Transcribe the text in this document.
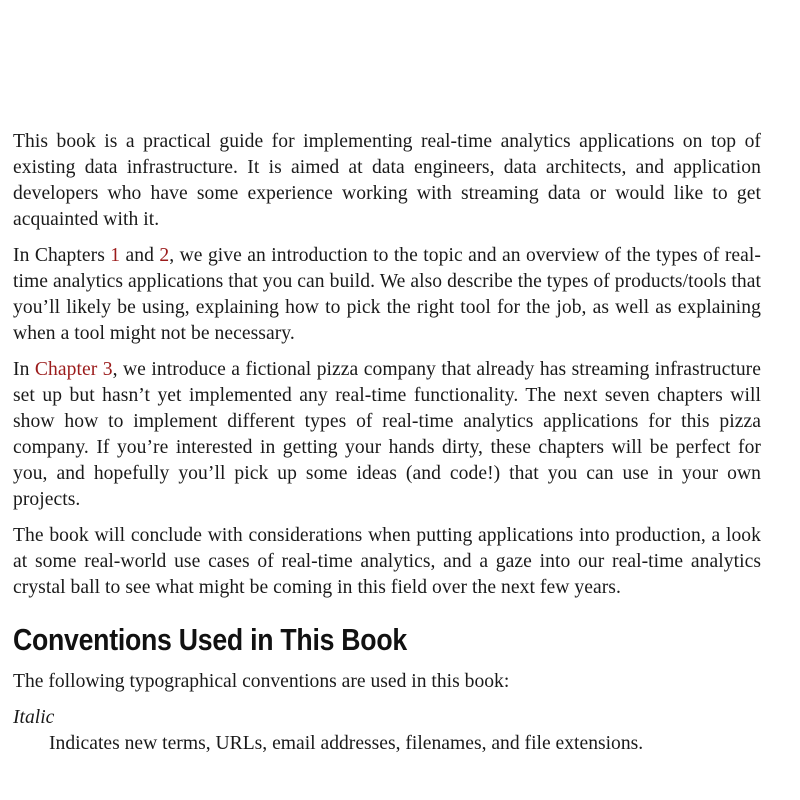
This book is a practical guide for implementing real-time analytics applications on top of existing data infrastructure. It is aimed at data engineers, data architects, and application developers who have some experience working with streaming data or would like to get acquainted with it.

In Chapters 1 and 2, we give an introduction to the topic and an overview of the types of real-time analytics applications that you can build. We also describe the types of products/tools that you’ll likely be using, explaining how to pick the right tool for the job, as well as explaining when a tool might not be necessary.

In Chapter 3, we introduce a fictional pizza company that already has streaming infrastructure set up but hasn’t yet implemented any real-time functionality. The next seven chapters will show how to implement different types of real-time analytics applications for this pizza company. If you’re interested in getting your hands dirty, these chapters will be perfect for you, and hopefully you’ll pick up some ideas (and code!) that you can use in your own projects.

The book will conclude with considerations when putting applications into production, a look at some real-world use cases of real-time analytics, and a gaze into our real-time analytics crystal ball to see what might be coming in this field over the next few years.

Conventions Used in This Book

The following typographical conventions are used in this book:

Italic
Indicates new terms, URLs, email addresses, filenames, and file extensions.
